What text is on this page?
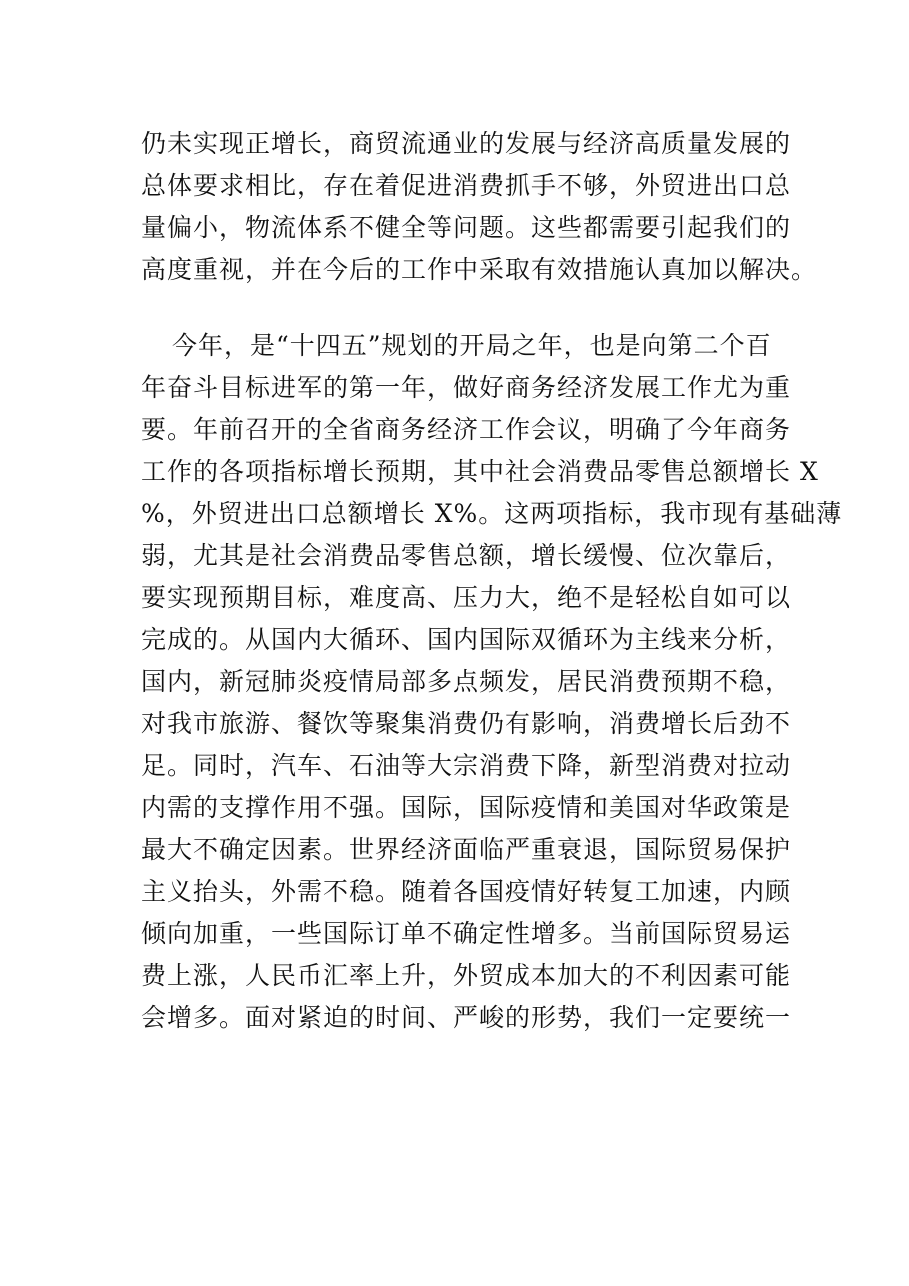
仍未实现正增长，商贸流通业的发展与经济高质量发展的

总体要求相比，存在着促进消费抓手不够，外贸进出口总

量偏小，物流体系不健全等问题。这些都需要引起我们的

高度重视，并在今后的工作中采取有效措施认真加以解决。

今年，是“十四五”规划的开局之年，也是向第二个百

年奋斗目标进军的第一年，做好商务经济发展工作尤为重

要。年前召开的全省商务经济工作会议，明确了今年商务

工作的各项指标增长预期，其中社会消费品零售总额增长 X

%，外贸进出口总额增长 X%。这两项指标，我市现有基础薄

弱，尤其是社会消费品零售总额，增长缓慢、位次靠后，

要实现预期目标，难度高、压力大，绝不是轻松自如可以

完成的。从国内大循环、国内国际双循环为主线来分析，

国内，新冠肺炎疫情局部多点频发，居民消费预期不稳，

对我市旅游、餐饮等聚集消费仍有影响，消费增长后劲不

足。同时，汽车、石油等大宗消费下降，新型消费对拉动

内需的支撑作用不强。国际，国际疫情和美国对华政策是

最大不确定因素。世界经济面临严重衰退，国际贸易保护

主义抬头，外需不稳。随着各国疫情好转复工加速，内顾

倾向加重，一些国际订单不确定性增多。当前国际贸易运

费上涨，人民币汇率上升，外贸成本加大的不利因素可能

会增多。面对紧迫的时间、严峻的形势，我们一定要统一
